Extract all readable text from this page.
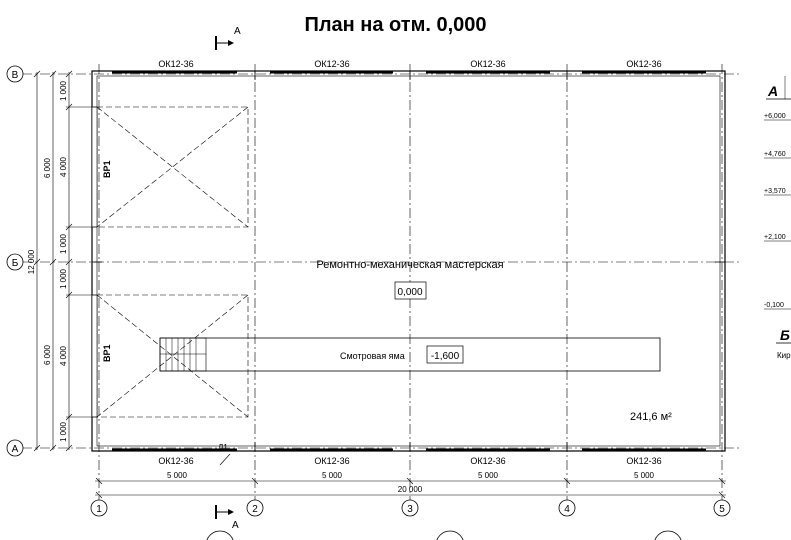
План на отм. 0,000
А
А
ОК12-36	ОК12-36	ОК12-36	ОК12-36
ОК12-36	ОК12-36	ОК12-36	ОК12-36
ВР1
ВР1	Смотровая яма	-1,600
Ремонтно-механическая мастерская
0,000
241,6 м²
Д1
5 000	5 000	5 000	5 000
20 000
1	2	3	4	5
В
Б
А
12 000
6 000
6 000
1 000
4 000
1 000
1 000
4 000
1 000
А
+6,000
+4,760
+3,570
+2,100
-0,100
Б
Кир
